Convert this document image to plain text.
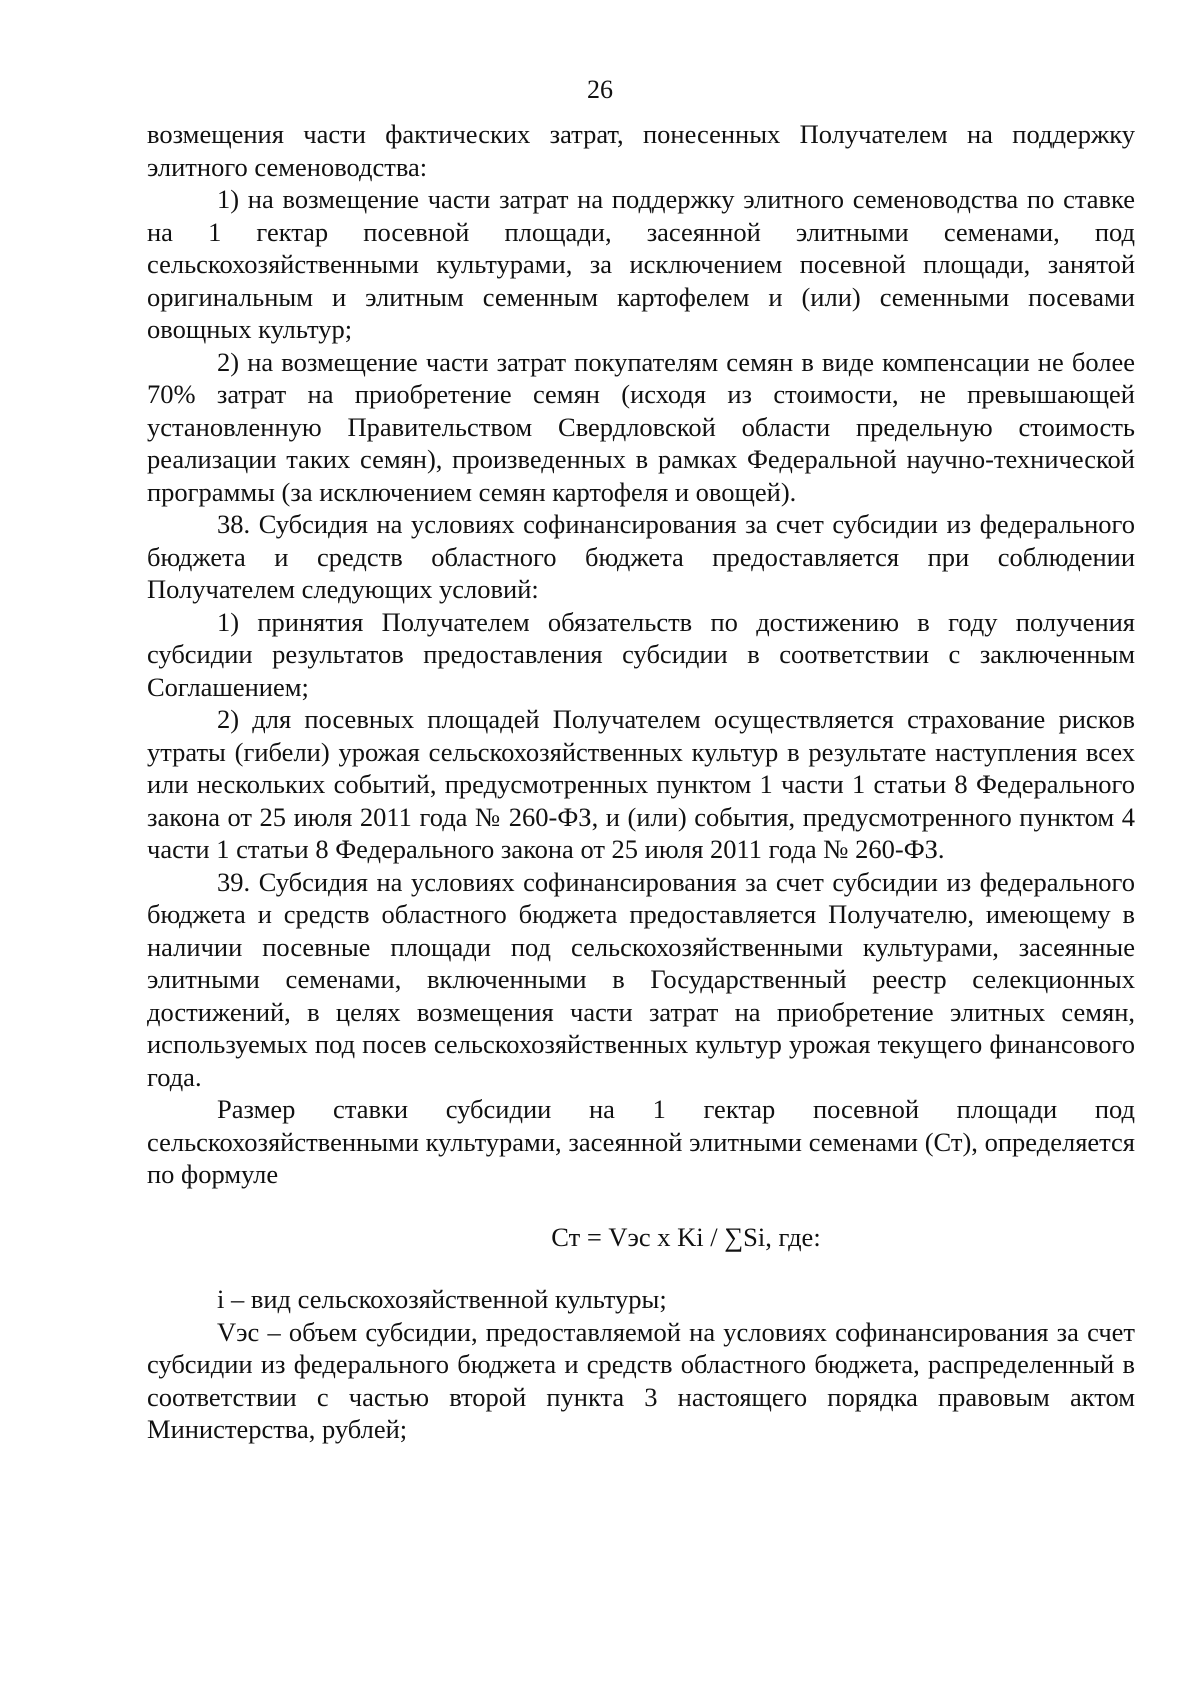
26

возмещения части фактических затрат, понесенных Получателем на поддержку элитного семеноводства:

1) на возмещение части затрат на поддержку элитного семеноводства по ставке на 1 гектар посевной площади, засеянной элитными семенами, под сельскохозяйственными культурами, за исключением посевной площади, занятой оригинальным и элитным семенным картофелем и (или) семенными посевами овощных культур;

2) на возмещение части затрат покупателям семян в виде компенсации не более 70% затрат на приобретение семян (исходя из стоимости, не превышающей установленную Правительством Свердловской области предельную стоимость реализации таких семян), произведенных в рамках Федеральной научно-технической программы (за исключением семян картофеля и овощей).

38. Субсидия на условиях софинансирования за счет субсидии из федерального бюджета и средств областного бюджета предоставляется при соблюдении Получателем следующих условий:

1) принятия Получателем обязательств по достижению в году получения субсидии результатов предоставления субсидии в соответствии с заключенным Соглашением;

2) для посевных площадей Получателем осуществляется страхование рисков утраты (гибели) урожая сельскохозяйственных культур в результате наступления всех или нескольких событий, предусмотренных пунктом 1 части 1 статьи 8 Федерального закона от 25 июля 2011 года № 260-ФЗ, и (или) события, предусмотренного пунктом 4 части 1 статьи 8 Федерального закона от 25 июля 2011 года № 260-ФЗ.

39. Субсидия на условиях софинансирования за счет субсидии из федерального бюджета и средств областного бюджета предоставляется Получателю, имеющему в наличии посевные площади под сельскохозяйственными культурами, засеянные элитными семенами, включенными в Государственный реестр селекционных достижений, в целях возмещения части затрат на приобретение элитных семян, используемых под посев сельскохозяйственных культур урожая текущего финансового года.

Размер ставки субсидии на 1 гектар посевной площади под сельскохозяйственными культурами, засеянной элитными семенами (Ст), определяется по формуле

Ст = Vэс x Ki / ∑Si, где:

i – вид сельскохозяйственной культуры;

Vэс – объем субсидии, предоставляемой на условиях софинансирования за счет субсидии из федерального бюджета и средств областного бюджета, распределенный в соответствии с частью второй пункта 3 настоящего порядка правовым актом Министерства, рублей;
